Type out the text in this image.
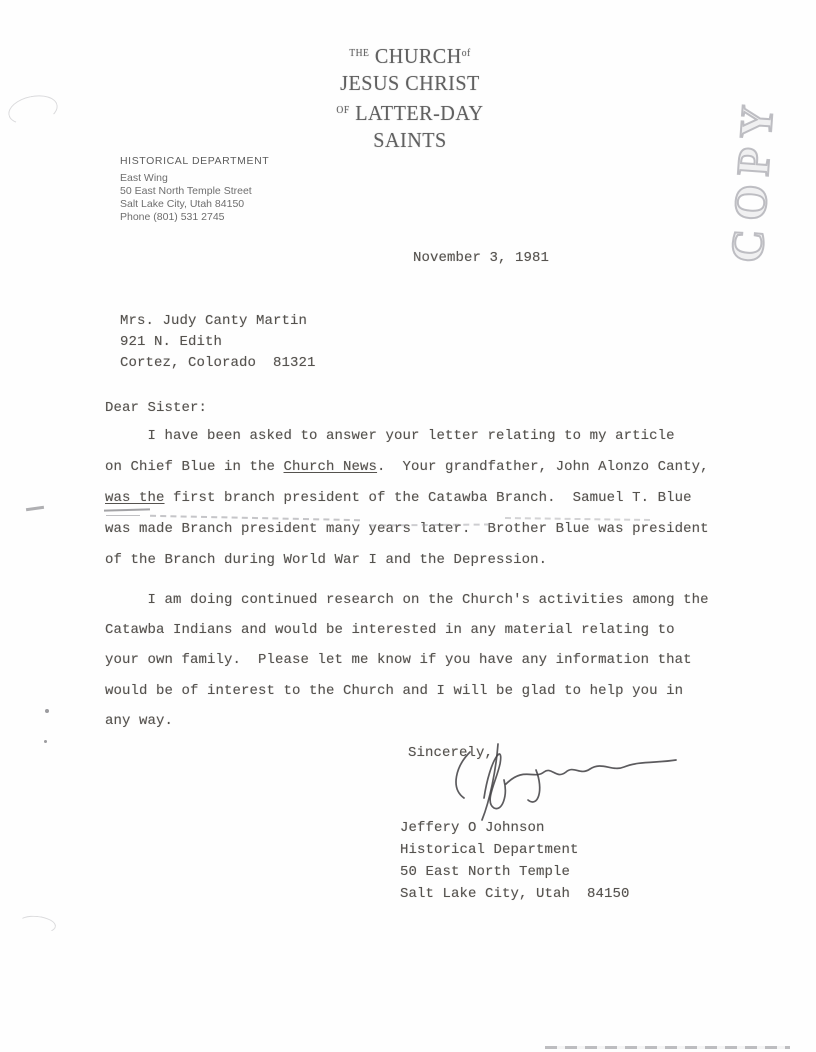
$^{THE}$ $CHURCH^{of}$
JESUS CHRIST
$^{OF}$ LATTER-DAY
SAINTS	COPY
HISTORICAL DEPARTMENT
East Wing
50 East North Temple Street
Salt Lake City, Utah 84150
Phone (801) 531 2745
November 3, 1981
Mrs. Judy Canty Martin
921 N. Edith
Cortez, Colorado  81321
Dear Sister:
I have been asked to answer your letter relating to my article
on Chief Blue in the Church News.  Your grandfather, John Alonzo Canty,
was the first branch president of the Catawba Branch.  Samuel T. Blue
was made Branch president many years later.  Brother Blue was president
of the Branch during World War I and the Depression.
I am doing continued research on the Church's activities among the
Catawba Indians and would be interested in any material relating to
your own family.  Please let me know if you have any information that
would be of interest to the Church and I will be glad to help you in
any way.
Sincerely,
Jeffery O Johnson
Historical Department
50 East North Temple
Salt Lake City, Utah  84150
